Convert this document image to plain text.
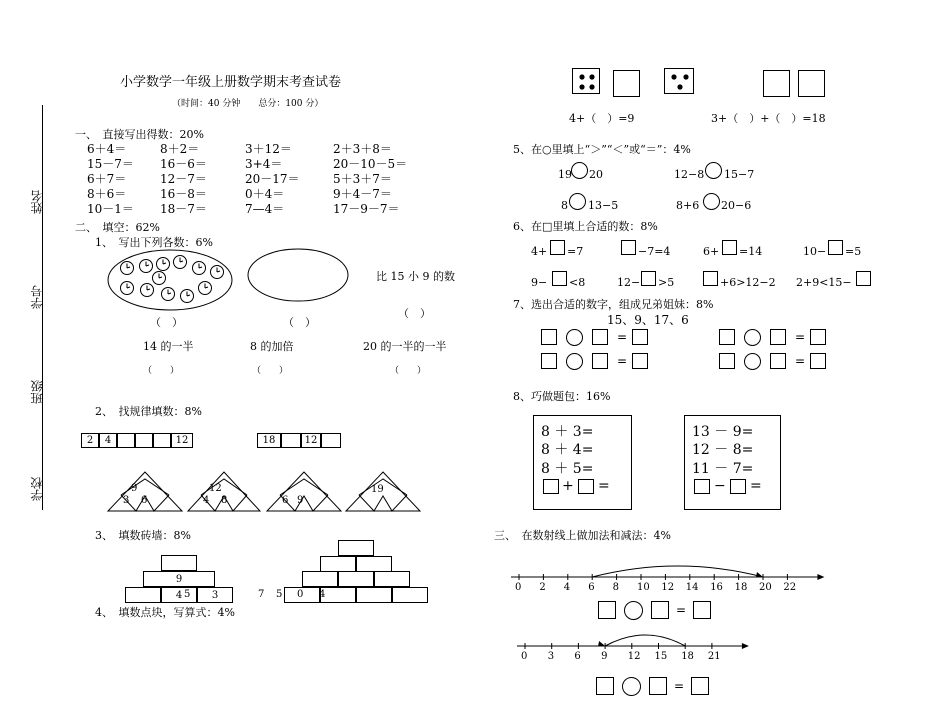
小学数学一年级上册数学期末考查试卷
（时间：40 分钟　　总分：100 分）
姓名
学号
班级
学校
一、　直接写出得数：20%
6＋4＝	8＋2＝	3＋12＝	2＋3＋8＝
15－7＝ 16－6＝	3+4＝	20－10－5＝
6＋7＝	12－7＝	20－17＝	5＋3＋7＝
8＋6＝	16－8＝	0＋4＝	9＋4－7＝
10－1＝ 18－7＝	7—4＝	17－9－7＝
二、　填空：62%
1、　写出下列各数：6%
比 15 小 9 的数
（　）	（　）
（　）
14 的一半	8 的加倍	20 的一半的一半
（　　）	（　　）	（　　）
2、　找规律填数：8%
2	4	12	18	12
9
3 6
12
4 8	6 9
19
3、　填数砖墙：8%
9
4	3
5	7 5 0 4
4、　填数点块，写算式：4%
4+（　）=9	3+（　）+（　）=18
5、在○里填上“＞”“＜”或“＝”：4%
19 20	12−8 15−7
8 13−5	8+6 20−6
6、在□里填上合适的数：8%
4+ =7	−7=4	6+ =14	10− =5
9− <8	12− >5	+6>12−2 2+9<15−
7、选出合适的数字，组成兄弟姐妹：8%
15、9、17、6
=
=
=
=
8、巧做题包：16%
8 ＋ 3=
8 ＋ 4=
8 ＋ 5=
+ =
13 － 9=
12 － 8=
11 － 7=
− =
三、　在数射线上做加法和减法：4%
0 2 4 6 8 10 12 14 16 18 20 22
0 3 6 9 12 15 18 21
=
=
